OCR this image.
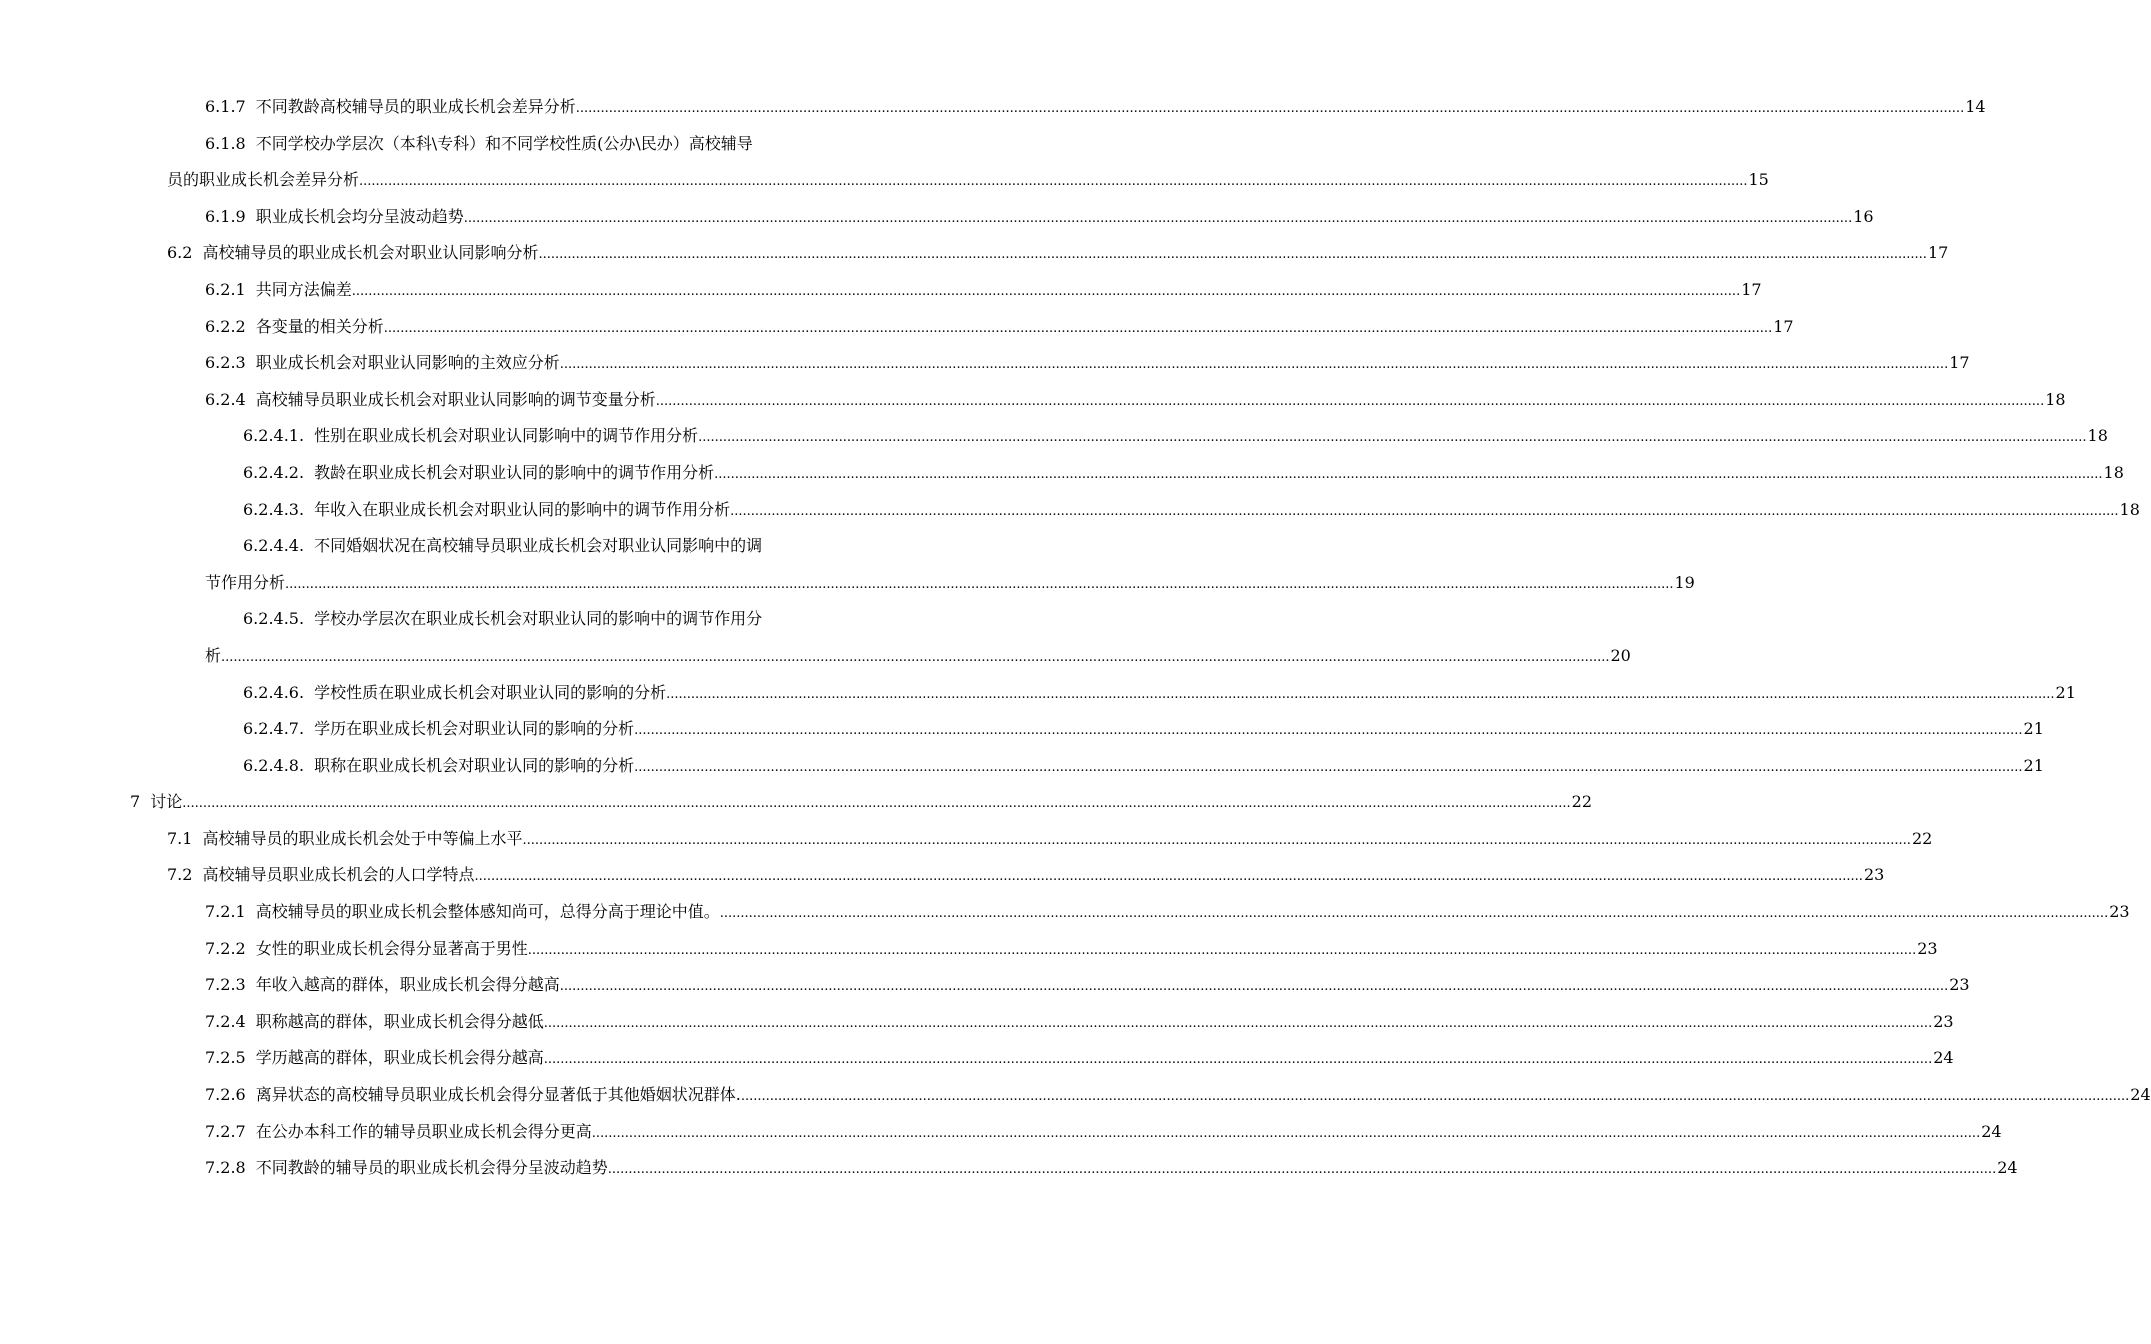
6.1.7 不同教龄高校辅导员的职业成长机会差异分析 .....	14
6.1.8 不同学校办学层次（本科\专科）和不同学校性质(公办\民办）高校辅导
员的职业成长机会差异分析 .....	15
6.1.9 职业成长机会均分呈波动趋势 .....	16
6.2 高校辅导员的职业成长机会对职业认同影响分析 .....	17
6.2.1 共同方法偏差 .....	17
6.2.2 各变量的相关分析 .....	17
6.2.3 职业成长机会对职业认同影响的主效应分析 .....	17
6.2.4 高校辅导员职业成长机会对职业认同影响的调节变量分析 .....	18
6.2.4.1. 性别在职业成长机会对职业认同影响中的调节作用分析 .....	18
6.2.4.2. 教龄在职业成长机会对职业认同的影响中的调节作用分析 .....	18
6.2.4.3. 年收入在职业成长机会对职业认同的影响中的调节作用分析 .....	18
6.2.4.4. 不同婚姻状况在高校辅导员职业成长机会对职业认同影响中的调
节作用分析 .....	19
6.2.4.5. 学校办学层次在职业成长机会对职业认同的影响中的调节作用分
析 .....	20
6.2.4.6. 学校性质在职业成长机会对职业认同的影响的分析 .....	21
6.2.4.7. 学历在职业成长机会对职业认同的影响的分析 .....	21
6.2.4.8. 职称在职业成长机会对职业认同的影响的分析 .....	21
7 讨论 .....	22
7.1 高校辅导员的职业成长机会处于中等偏上水平 .....	22
7.2 高校辅导员职业成长机会的人口学特点 .....	23
7.2.1 高校辅导员的职业成长机会整体感知尚可，总得分高于理论中值。 .....	23
7.2.2 女性的职业成长机会得分显著高于男性 .....	23
7.2.3 年收入越高的群体，职业成长机会得分越高 .....	23
7.2.4 职称越高的群体，职业成长机会得分越低 .....	23
7.2.5 学历越高的群体，职业成长机会得分越高 .....	24
7.2.6 离异状态的高校辅导员职业成长机会得分显著低于其他婚姻状况群体. .....	24
7.2.7 在公办本科工作的辅导员职业成长机会得分更高 .....	24
7.2.8 不同教龄的辅导员的职业成长机会得分呈波动趋势 .....	24
